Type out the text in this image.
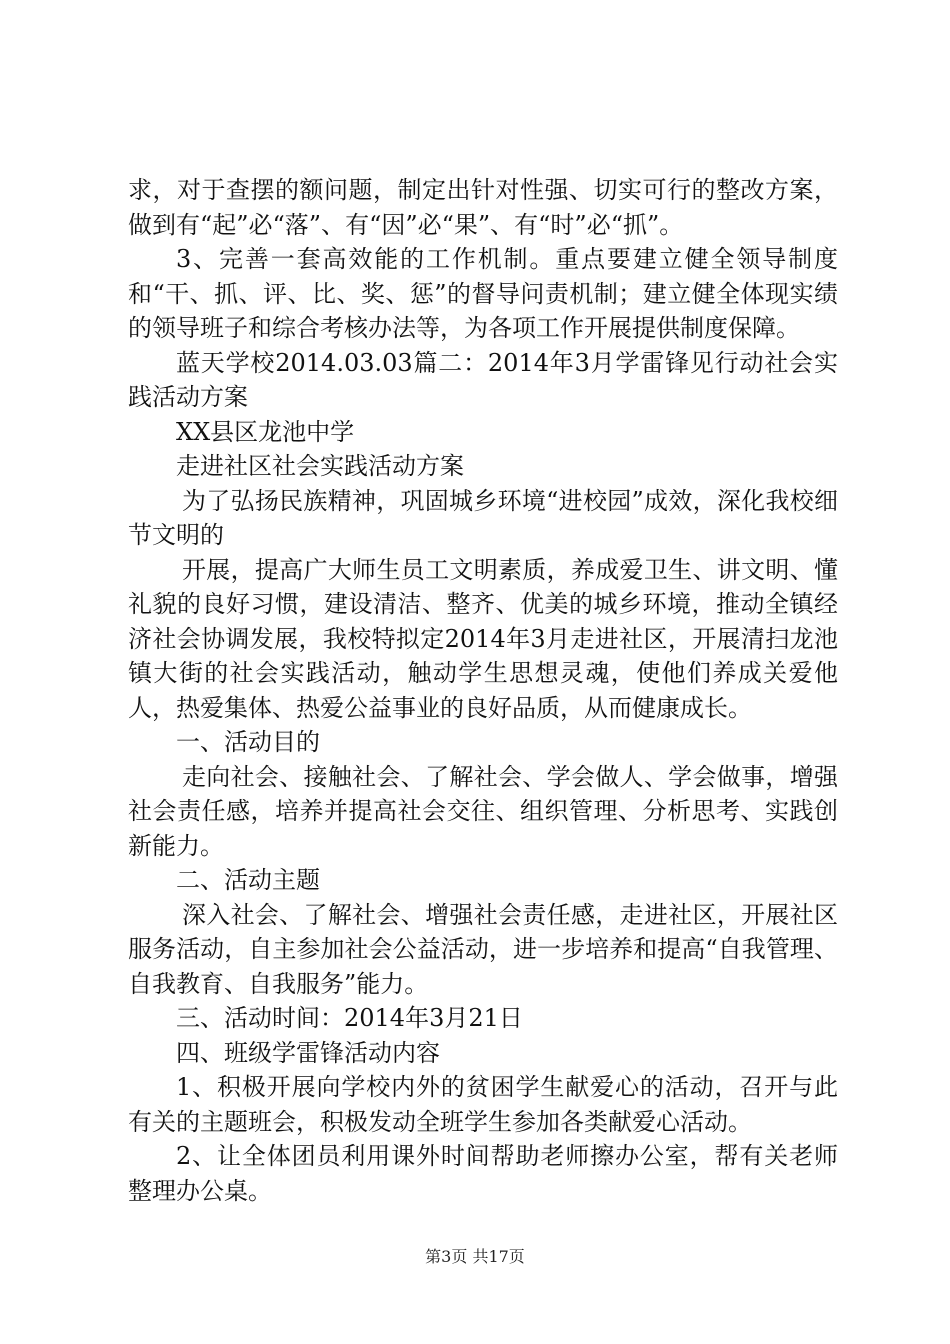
求，对于查摆的额问题，制定出针对性强、切实可行的整改方案，做到有“起”必“落”、有“因”必“果”、有“时”必“抓”。

3、完善一套高效能的工作机制。重点要建立健全领导制度和“干、抓、评、比、奖、惩”的督导问责机制；建立健全体现实绩的领导班子和综合考核办法等，为各项工作开展提供制度保障。

蓝天学校2014.03.03篇二：2014年3月学雷锋见行动社会实践活动方案

XX县区龙池中学

走进社区社会实践活动方案

为了弘扬民族精神，巩固城乡环境“进校园”成效，深化我校细节文明的

开展，提高广大师生员工文明素质，养成爱卫生、讲文明、懂礼貌的良好习惯，建设清洁、整齐、优美的城乡环境，推动全镇经济社会协调发展，我校特拟定2014年3月走进社区，开展清扫龙池镇大街的社会实践活动，触动学生思想灵魂，使他们养成关爱他人，热爱集体、热爱公益事业的良好品质，从而健康成长。

一、活动目的

走向社会、接触社会、了解社会、学会做人、学会做事，增强社会责任感，培养并提高社会交往、组织管理、分析思考、实践创新能力。

二、活动主题

深入社会、了解社会、增强社会责任感，走进社区，开展社区服务活动，自主参加社会公益活动，进一步培养和提高“自我管理、自我教育、自我服务”能力。

三、活动时间：2014年3月21日

四、班级学雷锋活动内容

1、积极开展向学校内外的贫困学生献爱心的活动，召开与此有关的主题班会，积极发动全班学生参加各类献爱心活动。

2、让全体团员利用课外时间帮助老师擦办公室，帮有关老师整理办公桌。

第3页 共17页
